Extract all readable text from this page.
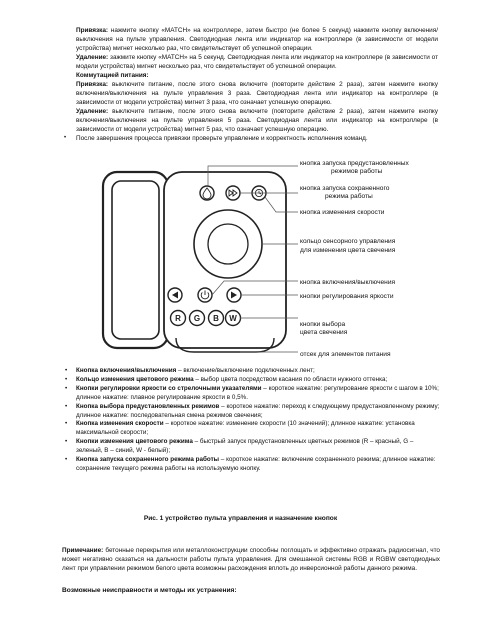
Привязка: нажмите кнопку «MATCH» на контроллере, затем быстро (не более 5 секунд) нажмите кнопку включения/выключения на пульте управления. Светодиодная лента или индикатор на контроллере (в зависимости от модели устройства) мигнет несколько раз, что свидетельствует об успешной операции.
Удаление: зажмите кнопку «MATCH» на 5 секунд. Светодиодная лента или индикатор на контроллере (в зависимости от модели устройства) мигнет несколько раз, что свидетельствует об успешной операции.
Коммутацией питания:
Привязка: выключите питание, после этого снова включите (повторите действие 2 раза), затем нажмите кнопку включения/выключения на пульте управления 3 раза. Светодиодная лента или индикатор на контроллере (в зависимости от модели устройства) мигнет 3 раза, что означает успешную операцию.
Удаление: выключите питание, после этого снова включите (повторите действие 2 раза), затем нажмите кнопку включения/выключения на пульте управления 5 раза. Светодиодная лента или индикатор на контроллере (в зависимости от модели устройства) мигнет 5 раз, что означает успешную операцию.
• После завершения процесса привязки проверьте управление и корректность исполнения команд.
R G B W
кнопка запуска предустановленных
режимов работы
кнопка запуска сохраненного
режима работы
кнопка изменения скорости
кольцо сенсорного управления
для изменения цвета свечения
кнопка включения/выключения
кнопки регулирования яркости
кнопки выбора
цвета свечения
отсек для элементов питания
• Кнопка включения/выключения – включение/выключение подключенных лент;
• Кольцо изменения цветового режима – выбор цвета посредством касания по области нужного оттенка;
• Кнопки регулировки яркости со стрелочными указателями – короткое нажатие: регулирование яркости с шагом в 10%; длинное нажатие: плавное регулирование яркости в 0,5%.
• Кнопка выбора предустановленных режимов – короткое нажатие: переход к следующему предустановленному режиму; длинное нажатие: последовательная смена режимов свечения;
• Кнопка изменения скорости – короткое нажатие: изменение скорости (10 значений); длинное нажатие: установка максимальной скорости;
• Кнопки изменения цветового режима – быстрый запуск предустановленных цветных режимов (R – красный, G – зеленый, B – синий, W - белый);
• Кнопка запуска сохраненного режима работы – короткое нажатие: включение сохраненного режима; длинное нажатие: сохранение текущего режима работы на используемую кнопку.
Рис. 1 устройство пульта управления и назначение кнопок
Примечание: бетонные перекрытия или металлоконструкции способны поглощать и эффективно отражать радиосигнал, что может негативно сказаться на дальности работы пульта управления. Для смешанной системы RGB и RGBW светодиодных лент при управлении режимом белого цвета возможны расхождения вплоть до инверсионной работы данного режима.
Возможные неисправности и методы их устранения:
